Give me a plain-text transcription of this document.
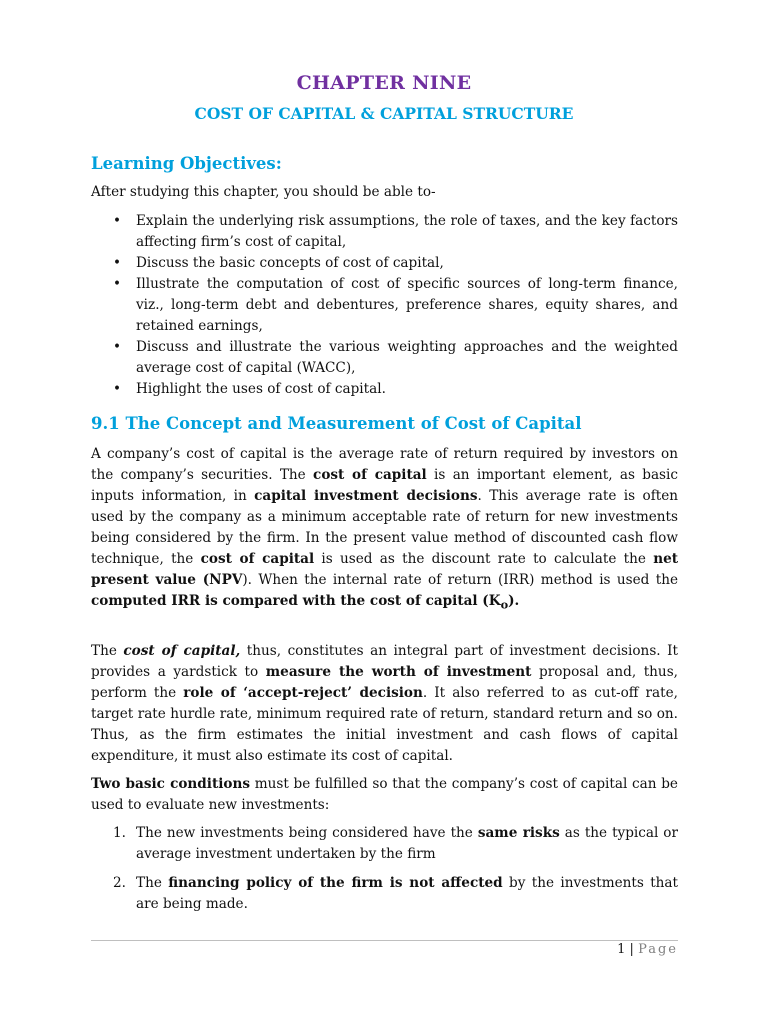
CHAPTER NINE
COST OF CAPITAL & CAPITAL STRUCTURE
Learning Objectives:
After studying this chapter, you should be able to-
• Explain the underlying risk assumptions, the role of taxes, and the key factors affecting firm’s cost of capital,
• Discuss the basic concepts of cost of capital,
• Illustrate the computation of cost of specific sources of long-term finance, viz., long-term debt and debentures, preference shares, equity shares, and retained earnings,
• Discuss and illustrate the various weighting approaches and the weighted average cost of capital (WACC),
• Highlight the uses of cost of capital.
9.1 The Concept and Measurement of Cost of Capital

A company’s cost of capital is the average rate of return required by investors on the company’s securities. The cost of capital is an important element, as basic inputs information, in capital investment decisions. This average rate is often used by the company as a minimum acceptable rate of return for new investments being considered by the firm. In the present value method of discounted cash flow technique, the cost of capital is used as the discount rate to calculate the net present value (NPV). When the internal rate of return (IRR) method is used the computed IRR is compared with the cost of capital $(K_o)$.

The cost of capital, thus, constitutes an integral part of investment decisions. It provides a yardstick to measure the worth of investment proposal and, thus, perform the role of ‘accept-reject’ decision. It also referred to as cut-off rate, target rate hurdle rate, minimum required rate of return, standard return and so on. Thus, as the firm estimates the initial investment and cash flows of capital expenditure, it must also estimate its cost of capital.

Two basic conditions must be fulfilled so that the company’s cost of capital can be used to evaluate new investments:

1. The new investments being considered have the same risks as the typical or average investment undertaken by the firm
2. The financing policy of the firm is not affected by the investments that are being made.
1 | Page
